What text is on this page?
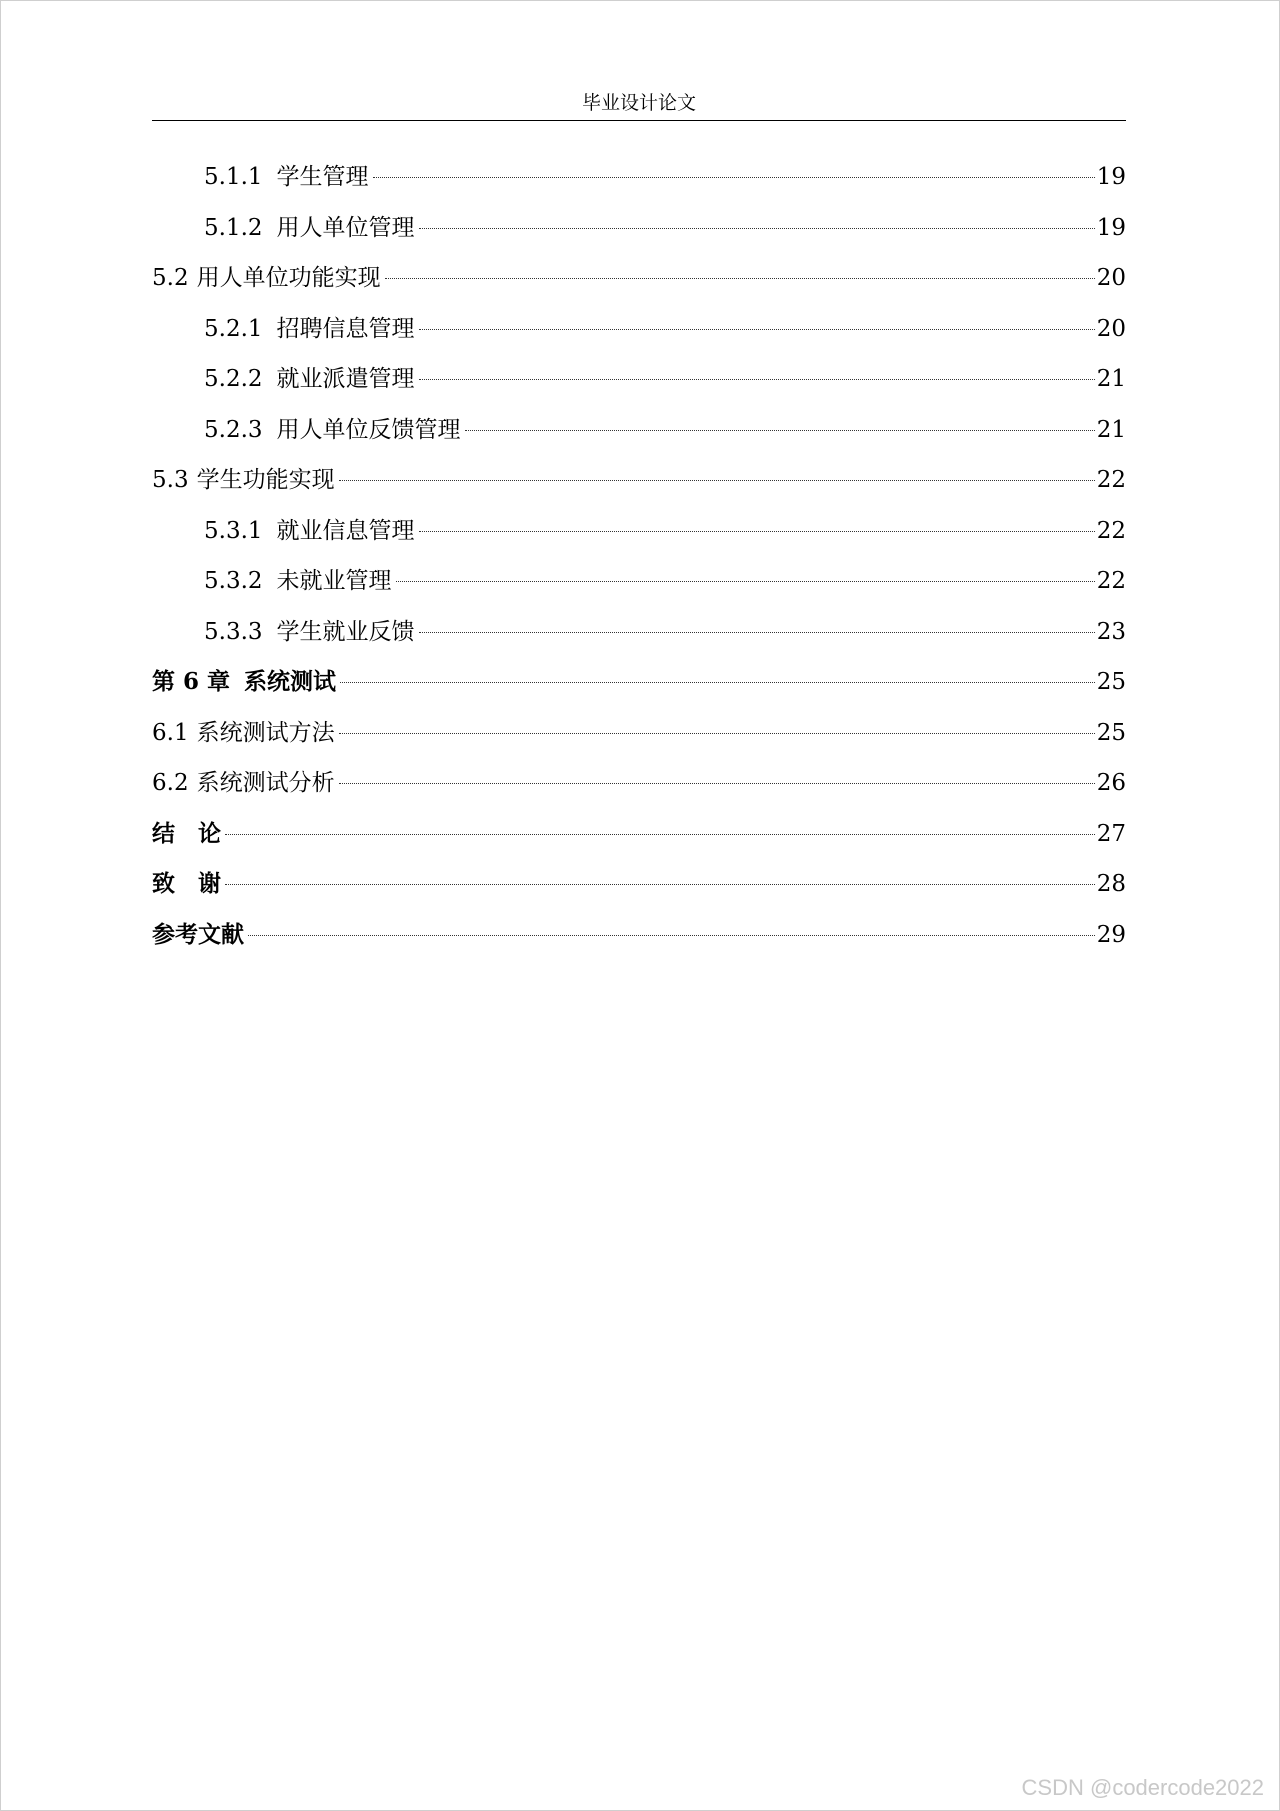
毕业设计论文
5.1.1 学生管理	19
5.1.2 用人单位管理	19
5.2 用人单位功能实现	20
5.2.1 招聘信息管理	20
5.2.2 就业派遣管理	21
5.2.3 用人单位反馈管理	21
5.3 学生功能实现	22
5.3.1 就业信息管理	22
5.3.2 未就业管理	22
5.3.3 学生就业反馈	23
第 6 章 系统测试	25
6.1 系统测试方法	25
6.2 系统测试分析	26
结　论	27
致　谢	28
参考文献	29
CSDN @codercode2022
